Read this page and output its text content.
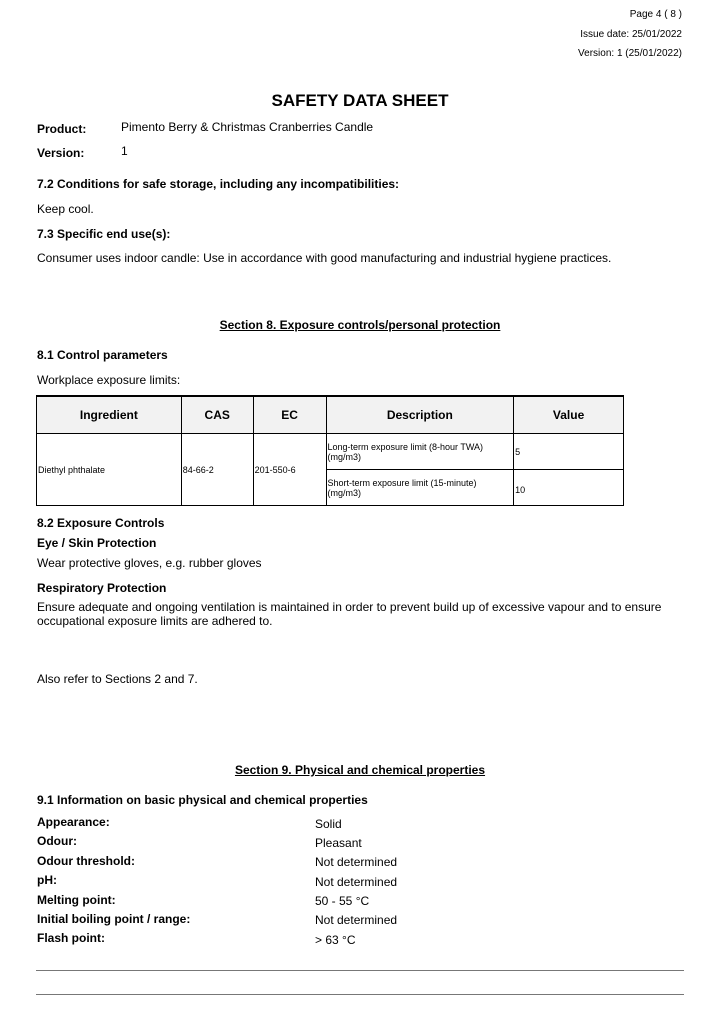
Page 4 ( 8 )
Issue date: 25/01/2022
Version: 1 (25/01/2022)
SAFETY DATA SHEET
Product:	Pimento Berry & Christmas Cranberries Candle
Version:	1
7.2 Conditions for safe storage, including any incompatibilities:
Keep cool.
7.3 Specific end use(s):
Consumer uses indoor candle: Use in accordance with good manufacturing and industrial hygiene practices.
Section 8. Exposure controls/personal protection
8.1 Control parameters
Workplace exposure limits:
Ingredient	CAS	EC	Description	Value
Diethyl phthalate	84-66-2	201-550-6	Long-term exposure limit (8-hour TWA) (mg/m3)	5
			Short-term exposure limit (15-minute) (mg/m3)	10
8.2 Exposure Controls
Eye / Skin Protection
Wear protective gloves, e.g. rubber gloves
Respiratory Protection
Ensure adequate and ongoing ventilation is maintained in order to prevent build up of excessive vapour and to ensure occupational exposure limits are adhered to.
Also refer to Sections 2 and 7.
Section 9. Physical and chemical properties
9.1 Information on basic physical and chemical properties
Appearance:	Solid
Odour:	Pleasant
Odour threshold:	Not determined
pH:	Not determined
Melting point:	50 - 55 °C
Initial boiling point / range:	Not determined
Flash point:	> 63 °C
